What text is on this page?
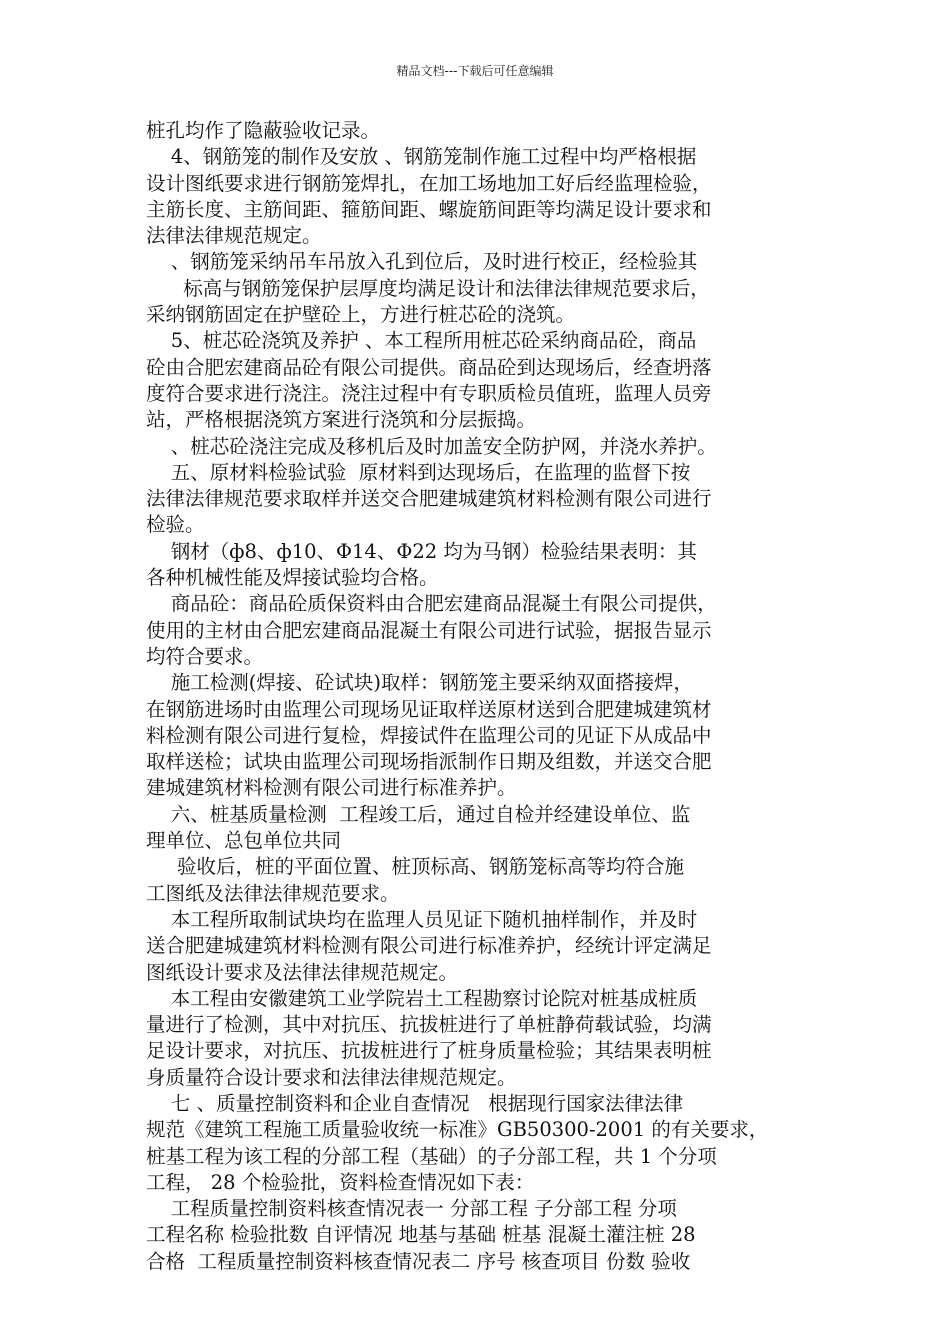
精品文档---下载后可任意编辑
桩孔均作了隐蔽验收记录。
4、钢筋笼的制作及安放 、钢筋笼制作施工过程中均严格根据
设计图纸要求进行钢筋笼焊扎，在加工场地加工好后经监理检验，
主筋长度、主筋间距、箍筋间距、螺旋筋间距等均满足设计要求和
法律法律规范规定。
、钢筋笼采纳吊车吊放入孔到位后，及时进行校正，经检验其
标高与钢筋笼保护层厚度均满足设计和法律法律规范要求后，
采纳钢筋固定在护壁砼上，方进行桩芯砼的浇筑。
5、桩芯砼浇筑及养护 、本工程所用桩芯砼采纳商品砼，商品
砼由合肥宏建商品砼有限公司提供。商品砼到达现场后，经查坍落
度符合要求进行浇注。浇注过程中有专职质检员值班，监理人员旁
站，严格根据浇筑方案进行浇筑和分层振捣。
、桩芯砼浇注完成及移机后及时加盖安全防护网，并浇水养护。
五、原材料检验试验  原材料到达现场后，在监理的监督下按
法律法律规范要求取样并送交合肥建城建筑材料检测有限公司进行
检验。
钢材（ф8、ф10、Φ14、Φ22 均为马钢）检验结果表明：其
各种机械性能及焊接试验均合格。
商品砼：商品砼质保资料由合肥宏建商品混凝土有限公司提供，
使用的主材由合肥宏建商品混凝土有限公司进行试验，据报告显示
均符合要求。
施工检测(焊接、砼试块)取样：钢筋笼主要采纳双面搭接焊，
在钢筋进场时由监理公司现场见证取样送原材送到合肥建城建筑材
料检测有限公司进行复检，焊接试件在监理公司的见证下从成品中
取样送检；试块由监理公司现场指派制作日期及组数，并送交合肥
建城建筑材料检测有限公司进行标准养护。
六、桩基质量检测  工程竣工后，通过自检并经建设单位、监
理单位、总包单位共同
验收后，桩的平面位置、桩顶标高、钢筋笼标高等均符合施
工图纸及法律法律规范要求。
本工程所取制试块均在监理人员见证下随机抽样制作，并及时
送合肥建城建筑材料检测有限公司进行标准养护，经统计评定满足
图纸设计要求及法律法律规范规定。
本工程由安徽建筑工业学院岩土工程勘察讨论院对桩基成桩质
量进行了检测，其中对抗压、抗拔桩进行了单桩静荷载试验，均满
足设计要求，对抗压、抗拔桩进行了桩身质量检验；其结果表明桩
身质量符合设计要求和法律法律规范规定。
七 、质量控制资料和企业自查情况   根据现行国家法律法律
规范《建筑工程施工质量验收统一标准》GB50300-2001 的有关要求，
桩基工程为该工程的分部工程（基础）的子分部工程，共 1 个分项
工程， 28 个检验批，资料检查情况如下表：
工程质量控制资料核查情况表一 分部工程 子分部工程 分项
工程名称 检验批数 自评情况 地基与基础 桩基 混凝土灌注桩 28
合格  工程质量控制资料核查情况表二 序号 核查项目 份数 验收
